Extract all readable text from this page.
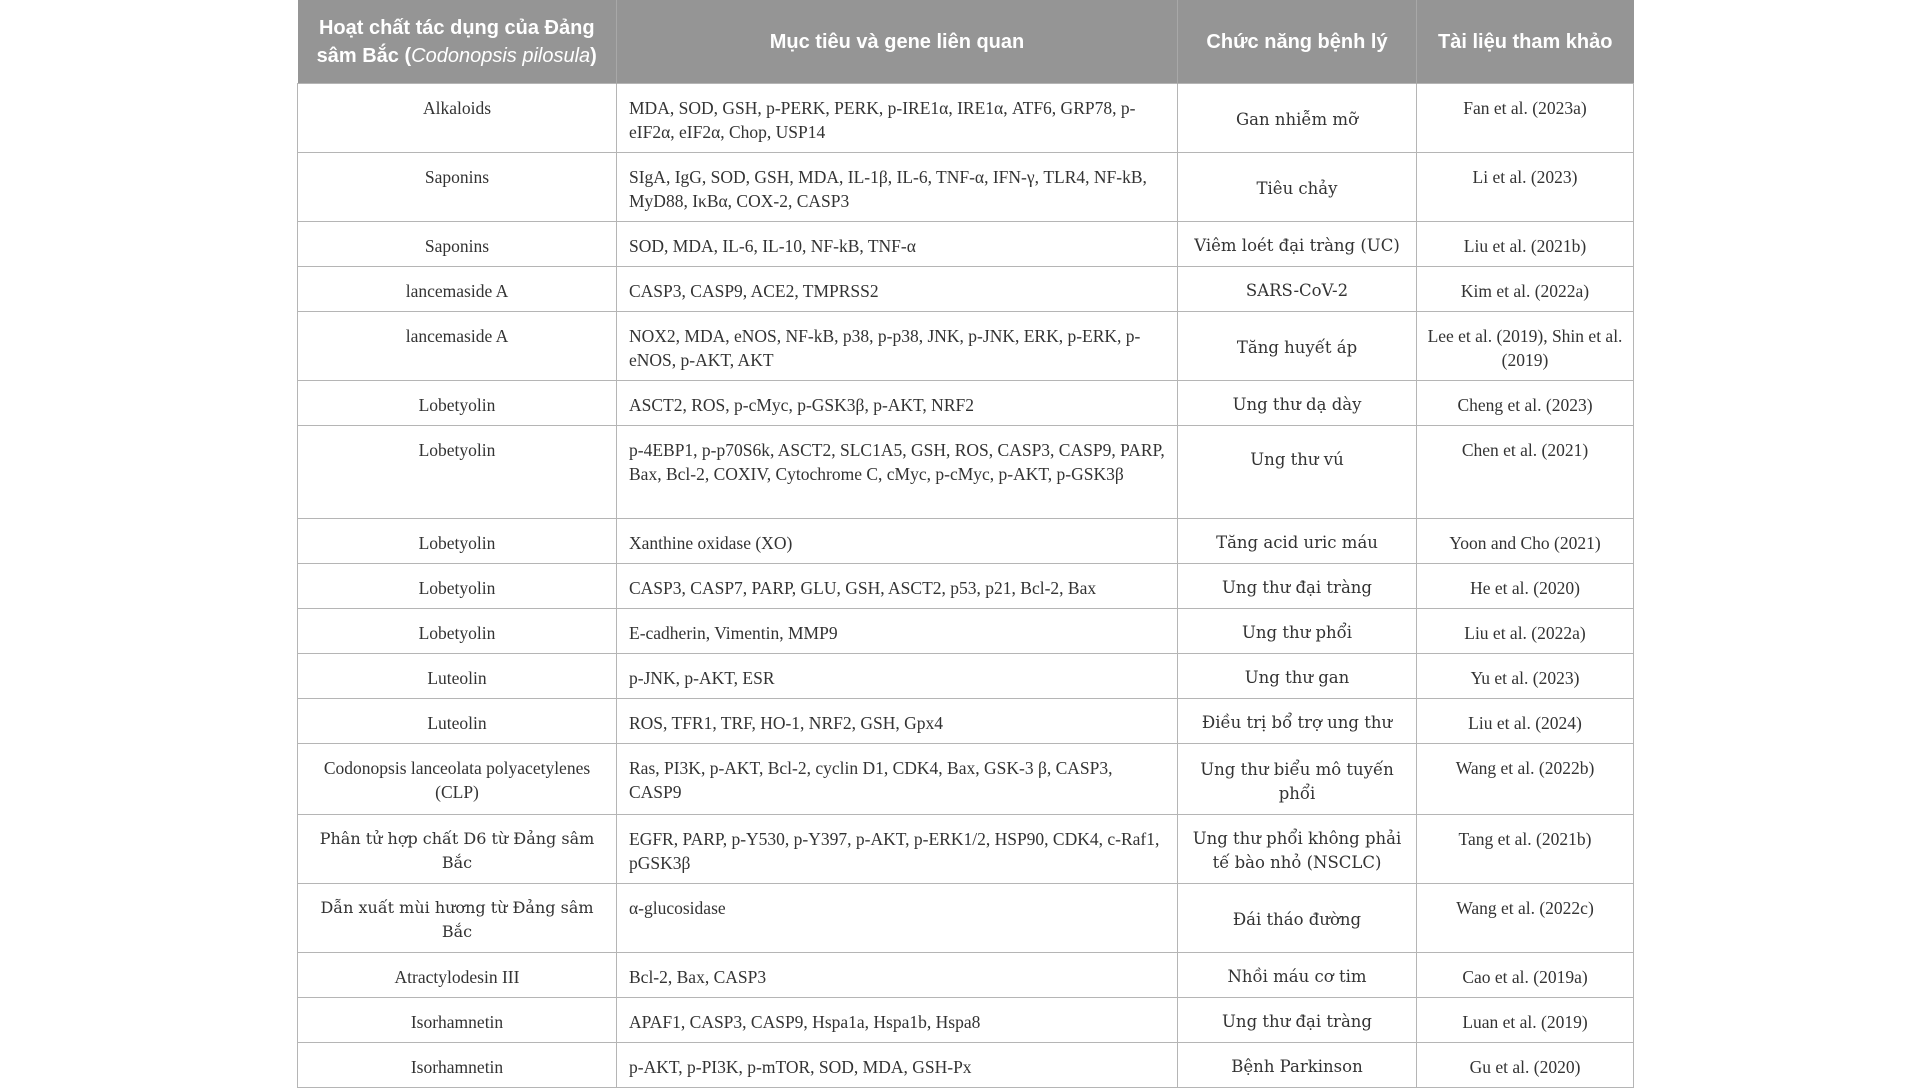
Hoạt chất tác dụng của Đảng sâm Bắc (Codonopsis pilosula)	Mục tiêu và gene liên quan	Chức năng bệnh lý	Tài liệu tham khảo
Alkaloids	MDA, SOD, GSH, p-PERK, PERK, p-IRE1α, IRE1α, ATF6, GRP78, p-eIF2α, eIF2α, Chop, USP14	Gan nhiễm mỡ	Fan et al. (2023a)
Saponins	SIgA, IgG, SOD, GSH, MDA, IL-1β, IL-6, TNF-α, IFN-γ, TLR4, NF-kB, MyD88, IκBα, COX-2, CASP3	Tiêu chảy	Li et al. (2023)
Saponins	SOD, MDA, IL-6, IL-10, NF-kB, TNF-α	Viêm loét đại tràng (UC)	Liu et al. (2021b)
lancemaside A	CASP3, CASP9, ACE2, TMPRSS2	SARS-CoV-2	Kim et al. (2022a)
lancemaside A	NOX2, MDA, eNOS, NF-kB, p38, p-p38, JNK, p-JNK, ERK, p-ERK, p-eNOS, p-AKT, AKT	Tăng huyết áp	Lee et al. (2019), Shin et al. (2019)
Lobetyolin	ASCT2, ROS, p-cMyc, p-GSK3β, p-AKT, NRF2	Ung thư dạ dày	Cheng et al. (2023)
Lobetyolin	p-4EBP1, p-p70S6k, ASCT2, SLC1A5, GSH, ROS, CASP3, CASP9, PARP, Bax, Bcl-2, COXIV, Cytochrome C, cMyc, p-cMyc, p-AKT, p-GSK3β	Ung thư vú	Chen et al. (2021)
Lobetyolin	Xanthine oxidase (XO)	Tăng acid uric máu	Yoon and Cho (2021)
Lobetyolin	CASP3, CASP7, PARP, GLU, GSH, ASCT2, p53, p21, Bcl-2, Bax	Ung thư đại tràng	He et al. (2020)
Lobetyolin	E-cadherin, Vimentin, MMP9	Ung thư phổi	Liu et al. (2022a)
Luteolin	p-JNK, p-AKT, ESR	Ung thư gan	Yu et al. (2023)
Luteolin	ROS, TFR1, TRF, HO-1, NRF2, GSH, Gpx4	Điều trị bổ trợ ung thư	Liu et al. (2024)
Codonopsis lanceolata polyacetylenes (CLP)	Ras, PI3K, p-AKT, Bcl-2, cyclin D1, CDK4, Bax, GSK-3 β, CASP3, CASP9	Ung thư biểu mô tuyến phổi	Wang et al. (2022b)
Phân tử hợp chất D6 từ Đảng sâm Bắc	EGFR, PARP, p-Y530, p-Y397, p-AKT, p-ERK1/2, HSP90, CDK4, c-Raf1, pGSK3β	Ung thư phổi không phải tế bào nhỏ (NSCLC)	Tang et al. (2021b)
Dẫn xuất mùi hương từ Đảng sâm Bắc	α-glucosidase	Đái tháo đường	Wang et al. (2022c)
Atractylodesin III	Bcl-2, Bax, CASP3	Nhồi máu cơ tim	Cao et al. (2019a)
Isorhamnetin	APAF1, CASP3, CASP9, Hspa1a, Hspa1b, Hspa8	Ung thư đại tràng	Luan et al. (2019)
Isorhamnetin	p-AKT, p-PI3K, p-mTOR, SOD, MDA, GSH-Px	Bệnh Parkinson	Gu et al. (2020)
